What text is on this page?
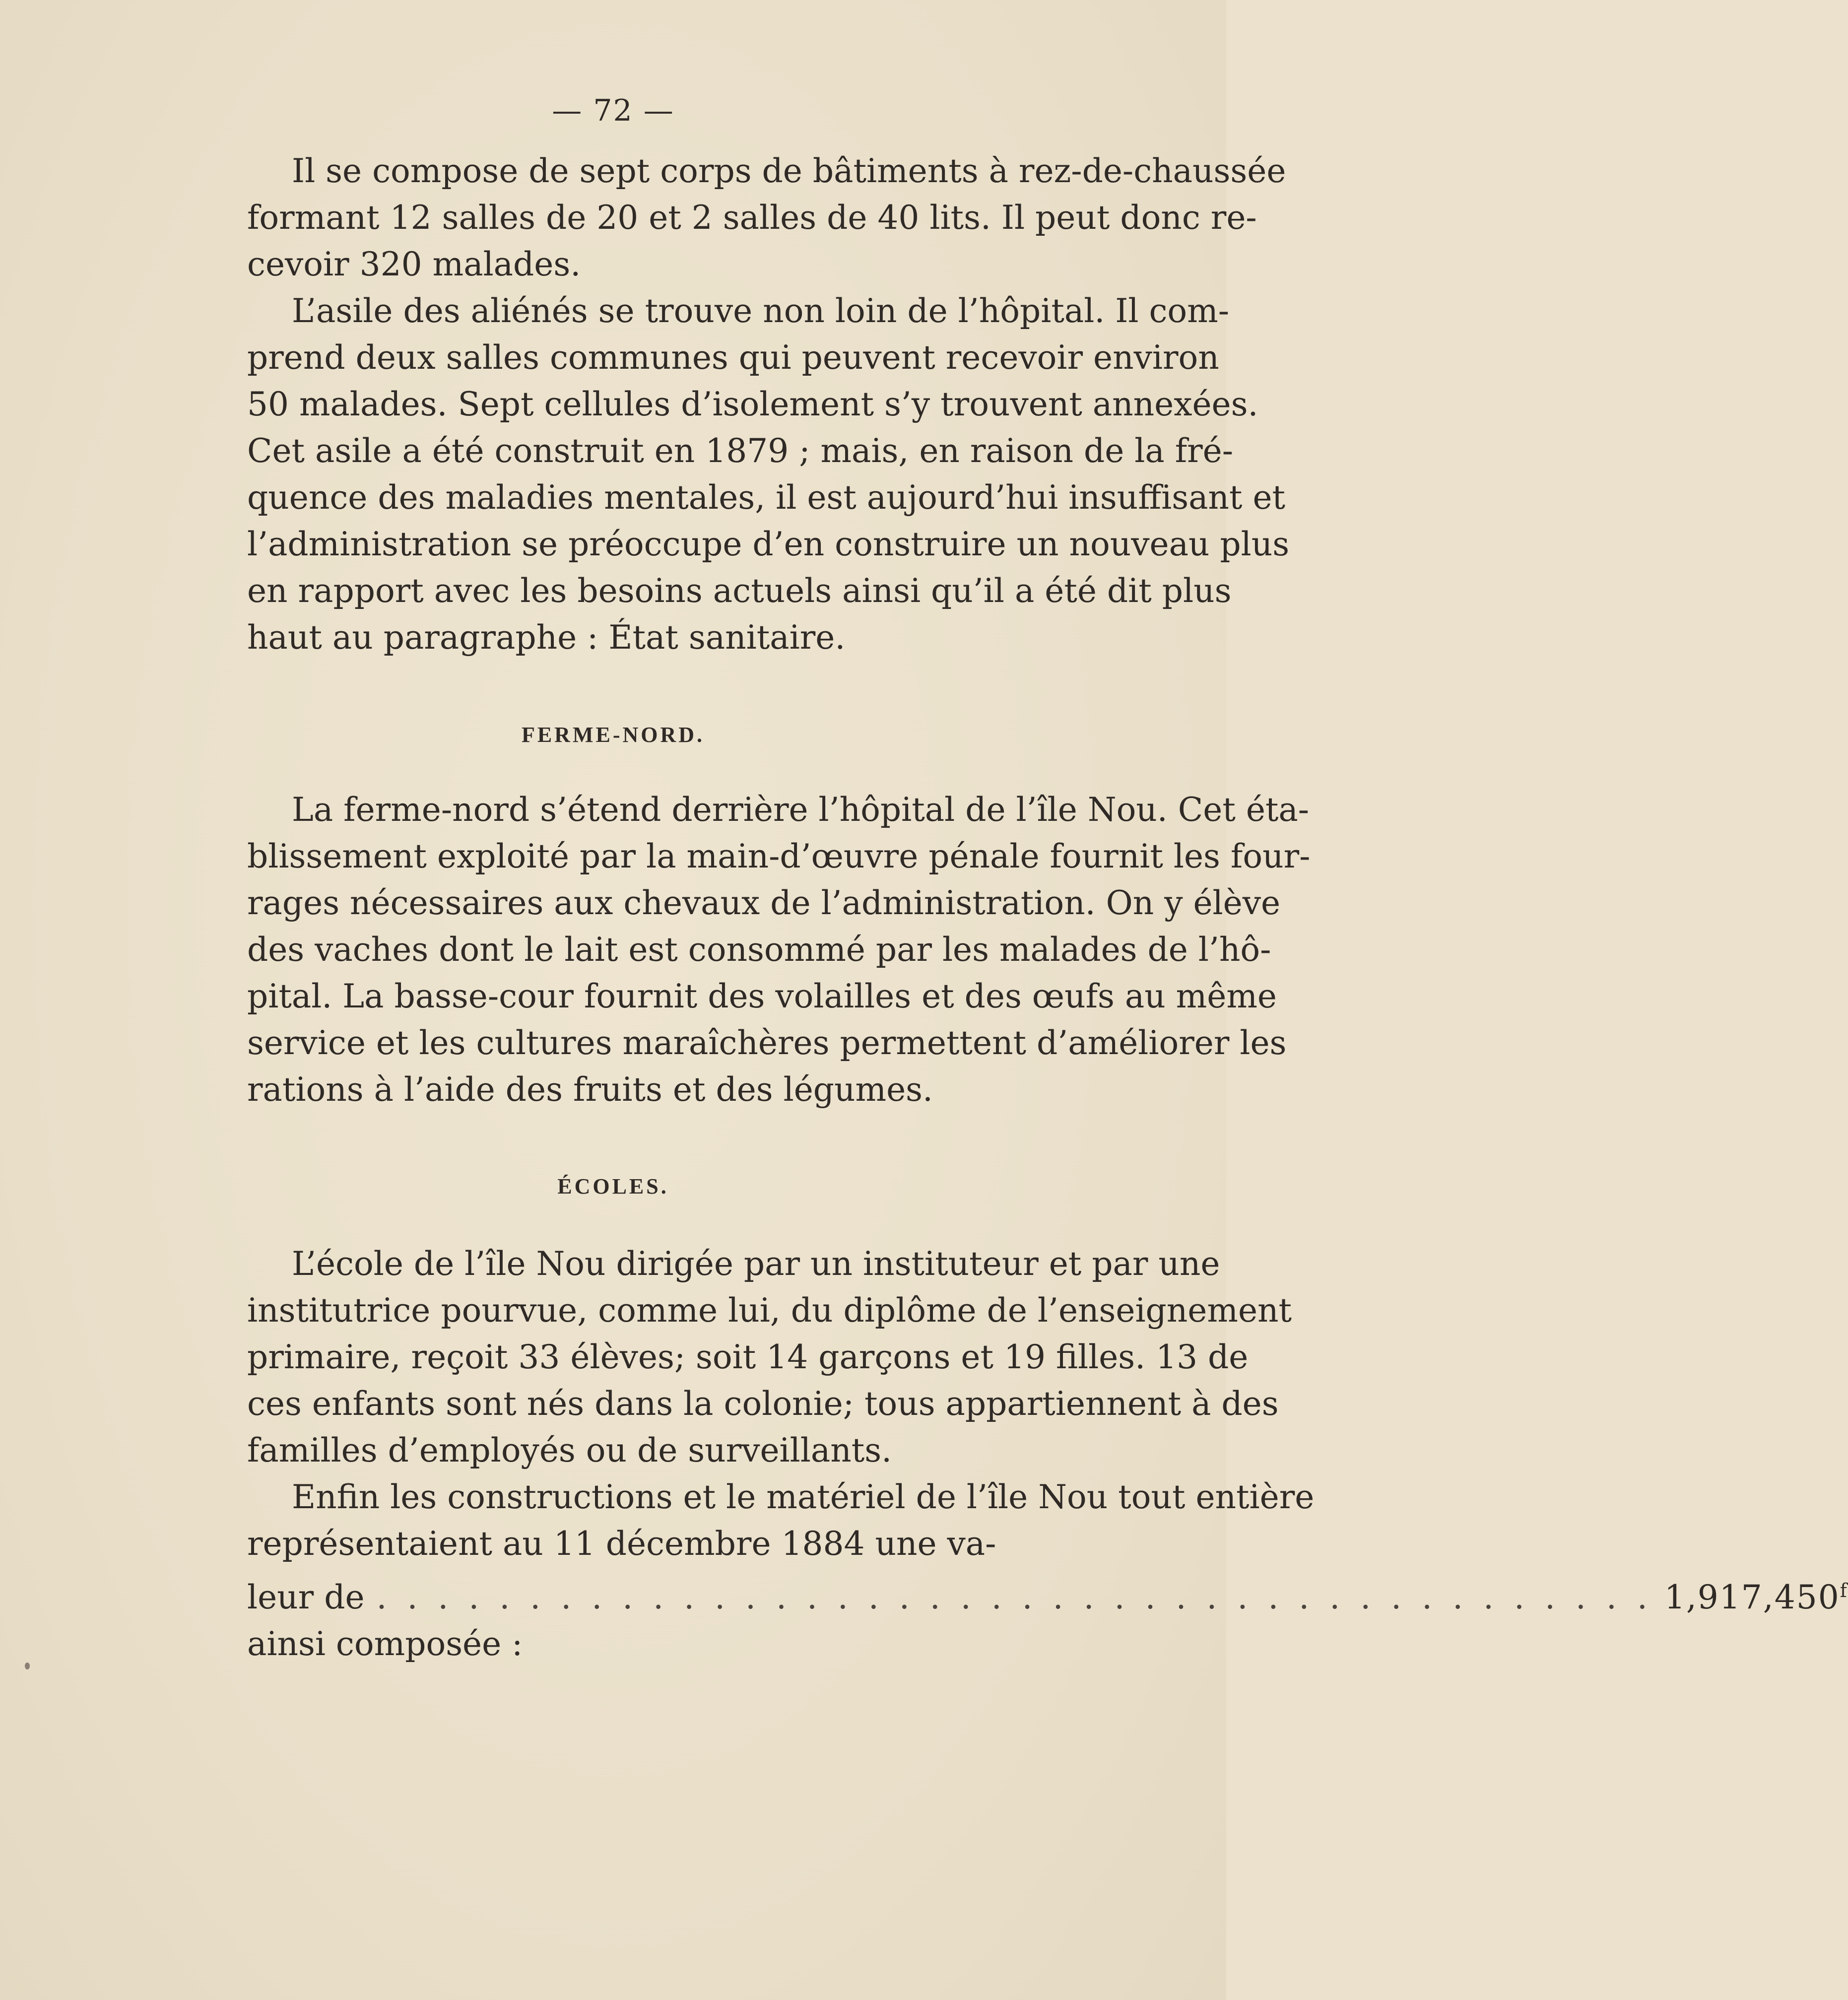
— 72 —
Il se compose de sept corps de bâtiments à rez-de-chaussée
formant 12 salles de 20 et 2 salles de 40 lits. Il peut donc re-
cevoir 320 malades.
L’asile des aliénés se trouve non loin de l’hôpital. Il com-
prend deux salles communes qui peuvent recevoir environ
50 malades. Sept cellules d’isolement s’y trouvent annexées.
Cet asile a été construit en 1879 ; mais, en raison de la fré-
quence des maladies mentales, il est aujourd’hui insuffisant et
l’administration se préoccupe d’en construire un nouveau plus
en rapport avec les besoins actuels ainsi qu’il a été dit plus
haut au paragraphe : État sanitaire.
FERME-NORD.
La ferme-nord s’étend derrière l’hôpital de l’île Nou. Cet éta-
blissement exploité par la main-d’œuvre pénale fournit les four-
rages nécessaires aux chevaux de l’administration. On y élève
des vaches dont le lait est consommé par les malades de l’hô-
pital. La basse-cour fournit des volailles et des œufs au même
service et les cultures maraîchères permettent d’améliorer les
rations à l’aide des fruits et des légumes.
ÉCOLES.
L’école de l’île Nou dirigée par un instituteur et par une
institutrice pourvue, comme lui, du diplôme de l’enseignement
primaire, reçoit 33 élèves; soit 14 garçons et 19 filles. 13 de
ces enfants sont nés dans la colonie; tous appartiennent à des
familles d’employés ou de surveillants.
Enfin les constructions et le matériel de l’île Nou tout entière
représentaient au 11 décembre 1884 une va-
leur de . . . . . . . . . . . . . . . . . . . . . . . . . . . . . . . . . . . . . . . . . . 1,917,450$^f$
ainsi composée :
